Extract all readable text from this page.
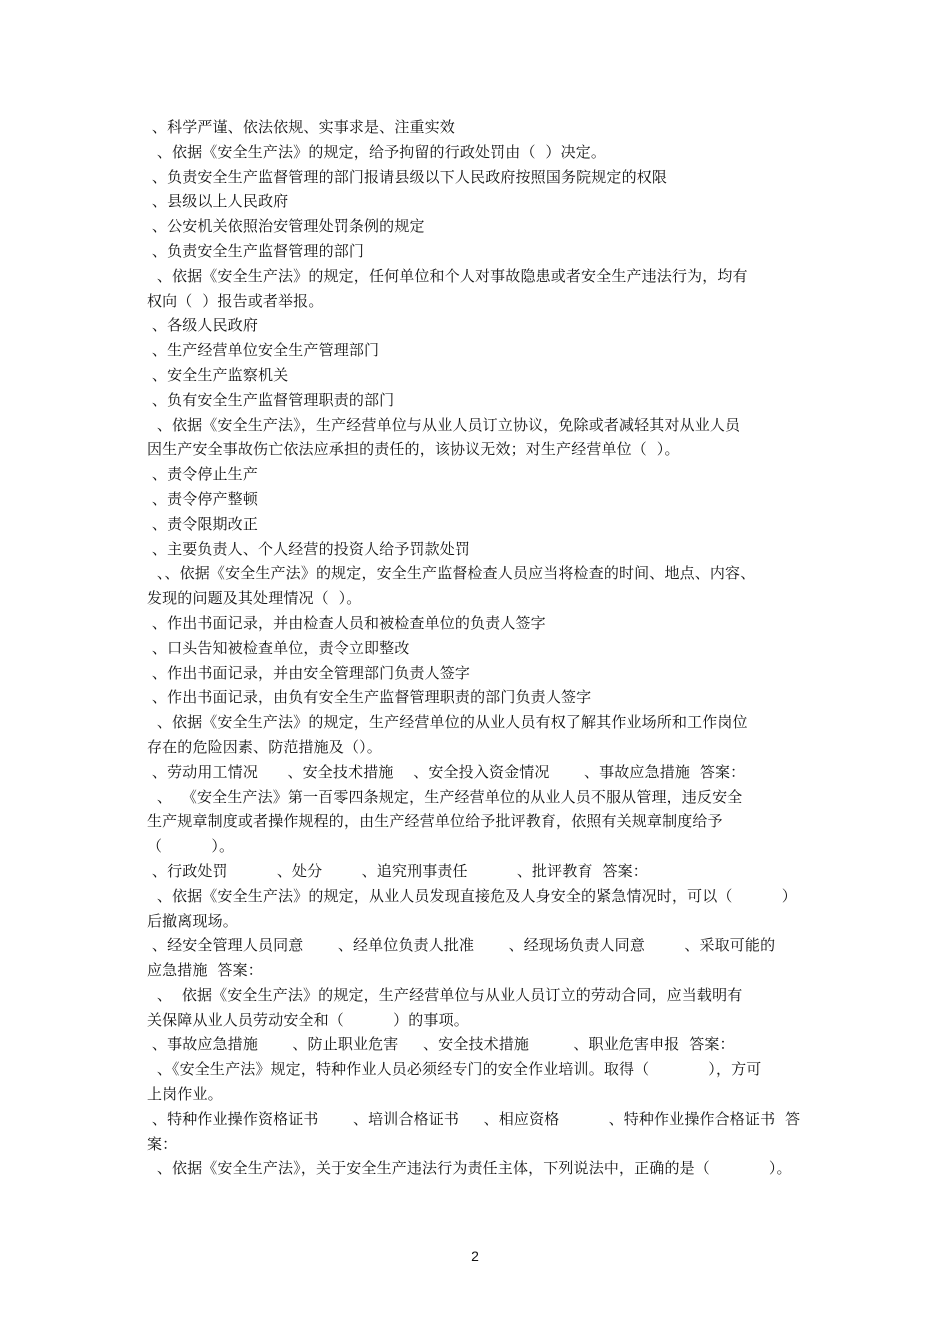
、科学严谨、依法依规、实事求是、注重实效
、依据《安全生产法》的规定，给予拘留的行政处罚由（  ）决定。
、负责安全生产监督管理的部门报请县级以下人民政府按照国务院规定的权限
、县级以上人民政府
、公安机关依照治安管理处罚条例的规定
、负责安全生产监督管理的部门
、依据《安全生产法》的规定，任何单位和个人对事故隐患或者安全生产违法行为，均有
权向（  ）报告或者举报。
、各级人民政府
、生产经营单位安全生产管理部门
、安全生产监察机关
、负有安全生产监督管理职责的部门
、依据《安全生产法》，生产经营单位与从业人员订立协议，免除或者减轻其对从业人员
因生产安全事故伤亡依法应承担的责任的，该协议无效；对生产经营单位（  ）。
、责令停止生产
、责令停产整顿
、责令限期改正
、主要负责人、个人经营的投资人给予罚款处罚
、、依据《安全生产法》的规定，安全生产监督检查人员应当将检查的时间、地点、内容、
发现的问题及其处理情况（  ）。
、作出书面记录，并由检查人员和被检查单位的负责人签字
、口头告知被检查单位，责令立即整改
、作出书面记录，并由安全管理部门负责人签字
、作出书面记录，由负有安全生产监督管理职责的部门负责人签字
、依据《安全生产法》的规定，生产经营单位的从业人员有权了解其作业场所和工作岗位
存在的危险因素、防范措施及（）。
、劳动用工情况      、安全技术措施    、安全投入资金情况       、事故应急措施  答案：
、  《安全生产法》第一百零四条规定，生产经营单位的从业人员不服从管理，违反安全
生产规章制度或者操作规程的，由生产经营单位给予批评教育，依照有关规章制度给予
（          ）。
、行政处罚          、处分        、追究刑事责任          、批评教育  答案：
、依据《安全生产法》的规定，从业人员发现直接危及人身安全的紧急情况时，可以（          ）
后撤离现场。
、经安全管理人员同意       、经单位负责人批准       、经现场负责人同意        、采取可能的
应急措施  答案：
、  依据《安全生产法》的规定，生产经营单位与从业人员订立的劳动合同，应当载明有
关保障从业人员劳动安全和（          ）的事项。
、事故应急措施       、防止职业危害     、安全技术措施         、职业危害申报  答案：
、《安全生产法》规定，特种作业人员必须经专门的安全作业培训。取得（            ），方可
上岗作业。
、特种作业操作资格证书       、培训合格证书     、相应资格          、特种作业操作合格证书  答
案：
、依据《安全生产法》，关于安全生产违法行为责任主体，下列说法中，正确的是（            ）。
2
